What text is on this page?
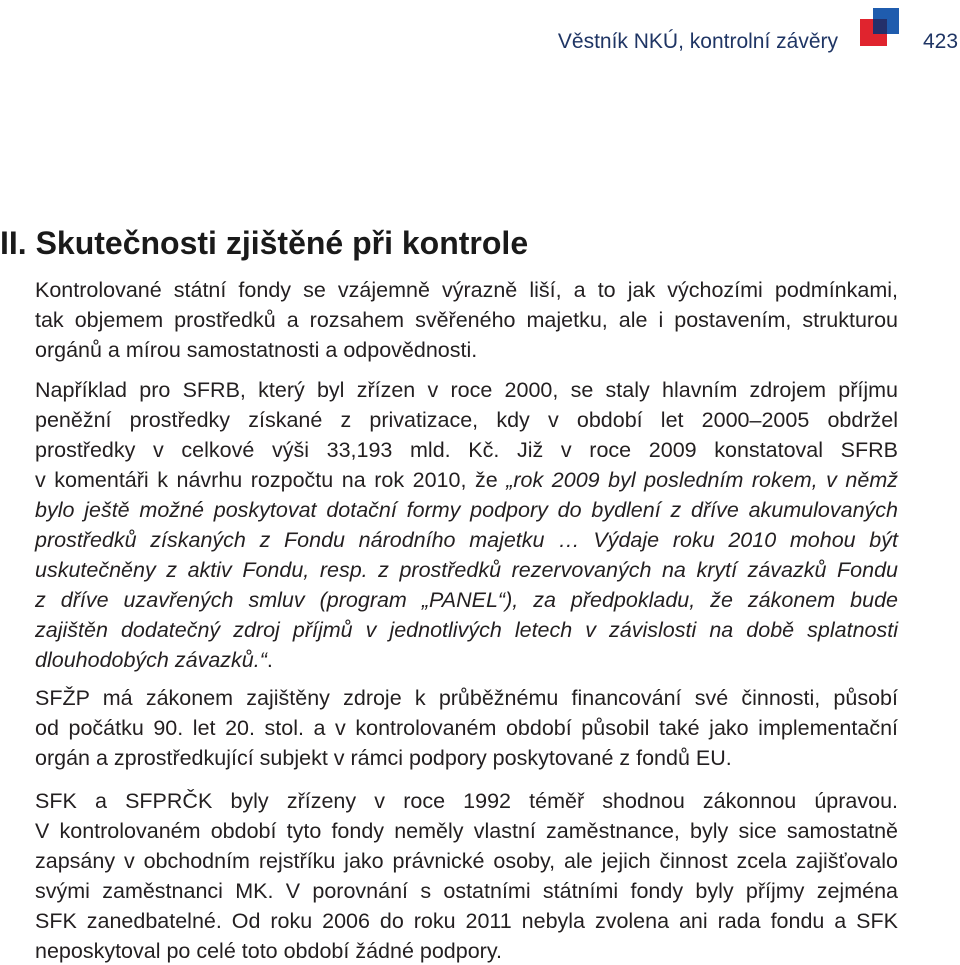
Věstník NKÚ, kontrolní závěry	423
II. Skutečnosti zjištěné při kontrole
Kontrolované státní fondy se vzájemně výrazně liší, a to jak výchozími podmínkami,
tak objemem prostředků a rozsahem svěřeného majetku, ale i postavením, strukturou
orgánů a mírou samostatnosti a odpovědnosti.
Například pro SFRB, který byl zřízen v roce 2000, se staly hlavním zdrojem příjmu
peněžní prostředky získané z privatizace, kdy v období let 2000–2005 obdržel
prostředky v celkové výši 33,193 mld. Kč. Již v roce 2009 konstatoval SFRB
v komentáři k návrhu rozpočtu na rok 2010, že „rok 2009 byl posledním rokem, v němž
bylo ještě možné poskytovat dotační formy podpory do bydlení z dříve akumulovaných
prostředků získaných z Fondu národního majetku … Výdaje roku 2010 mohou být
uskutečněny z aktiv Fondu, resp. z prostředků rezervovaných na krytí závazků Fondu
z dříve uzavřených smluv (program „PANEL“), za předpokladu, že zákonem bude
zajištěn dodatečný zdroj příjmů v jednotlivých letech v závislosti na době splatnosti
dlouhodobých závazků.“.
SFŽP má zákonem zajištěny zdroje k průběžnému financování své činnosti, působí
od počátku 90. let 20. stol. a v kontrolovaném období působil také jako implementační
orgán a zprostředkující subjekt v rámci podpory poskytované z fondů EU.
SFK a SFPRČK byly zřízeny v roce 1992 téměř shodnou zákonnou úpravou.
V kontrolovaném období tyto fondy neměly vlastní zaměstnance, byly sice samostatně
zapsány v obchodním rejstříku jako právnické osoby, ale jejich činnost zcela zajišťovalo
svými zaměstnanci MK. V porovnání s ostatními státními fondy byly příjmy zejména
SFK zanedbatelné. Od roku 2006 do roku 2011 nebyla zvolena ani rada fondu a SFK
neposkytoval po celé toto období žádné podpory.
